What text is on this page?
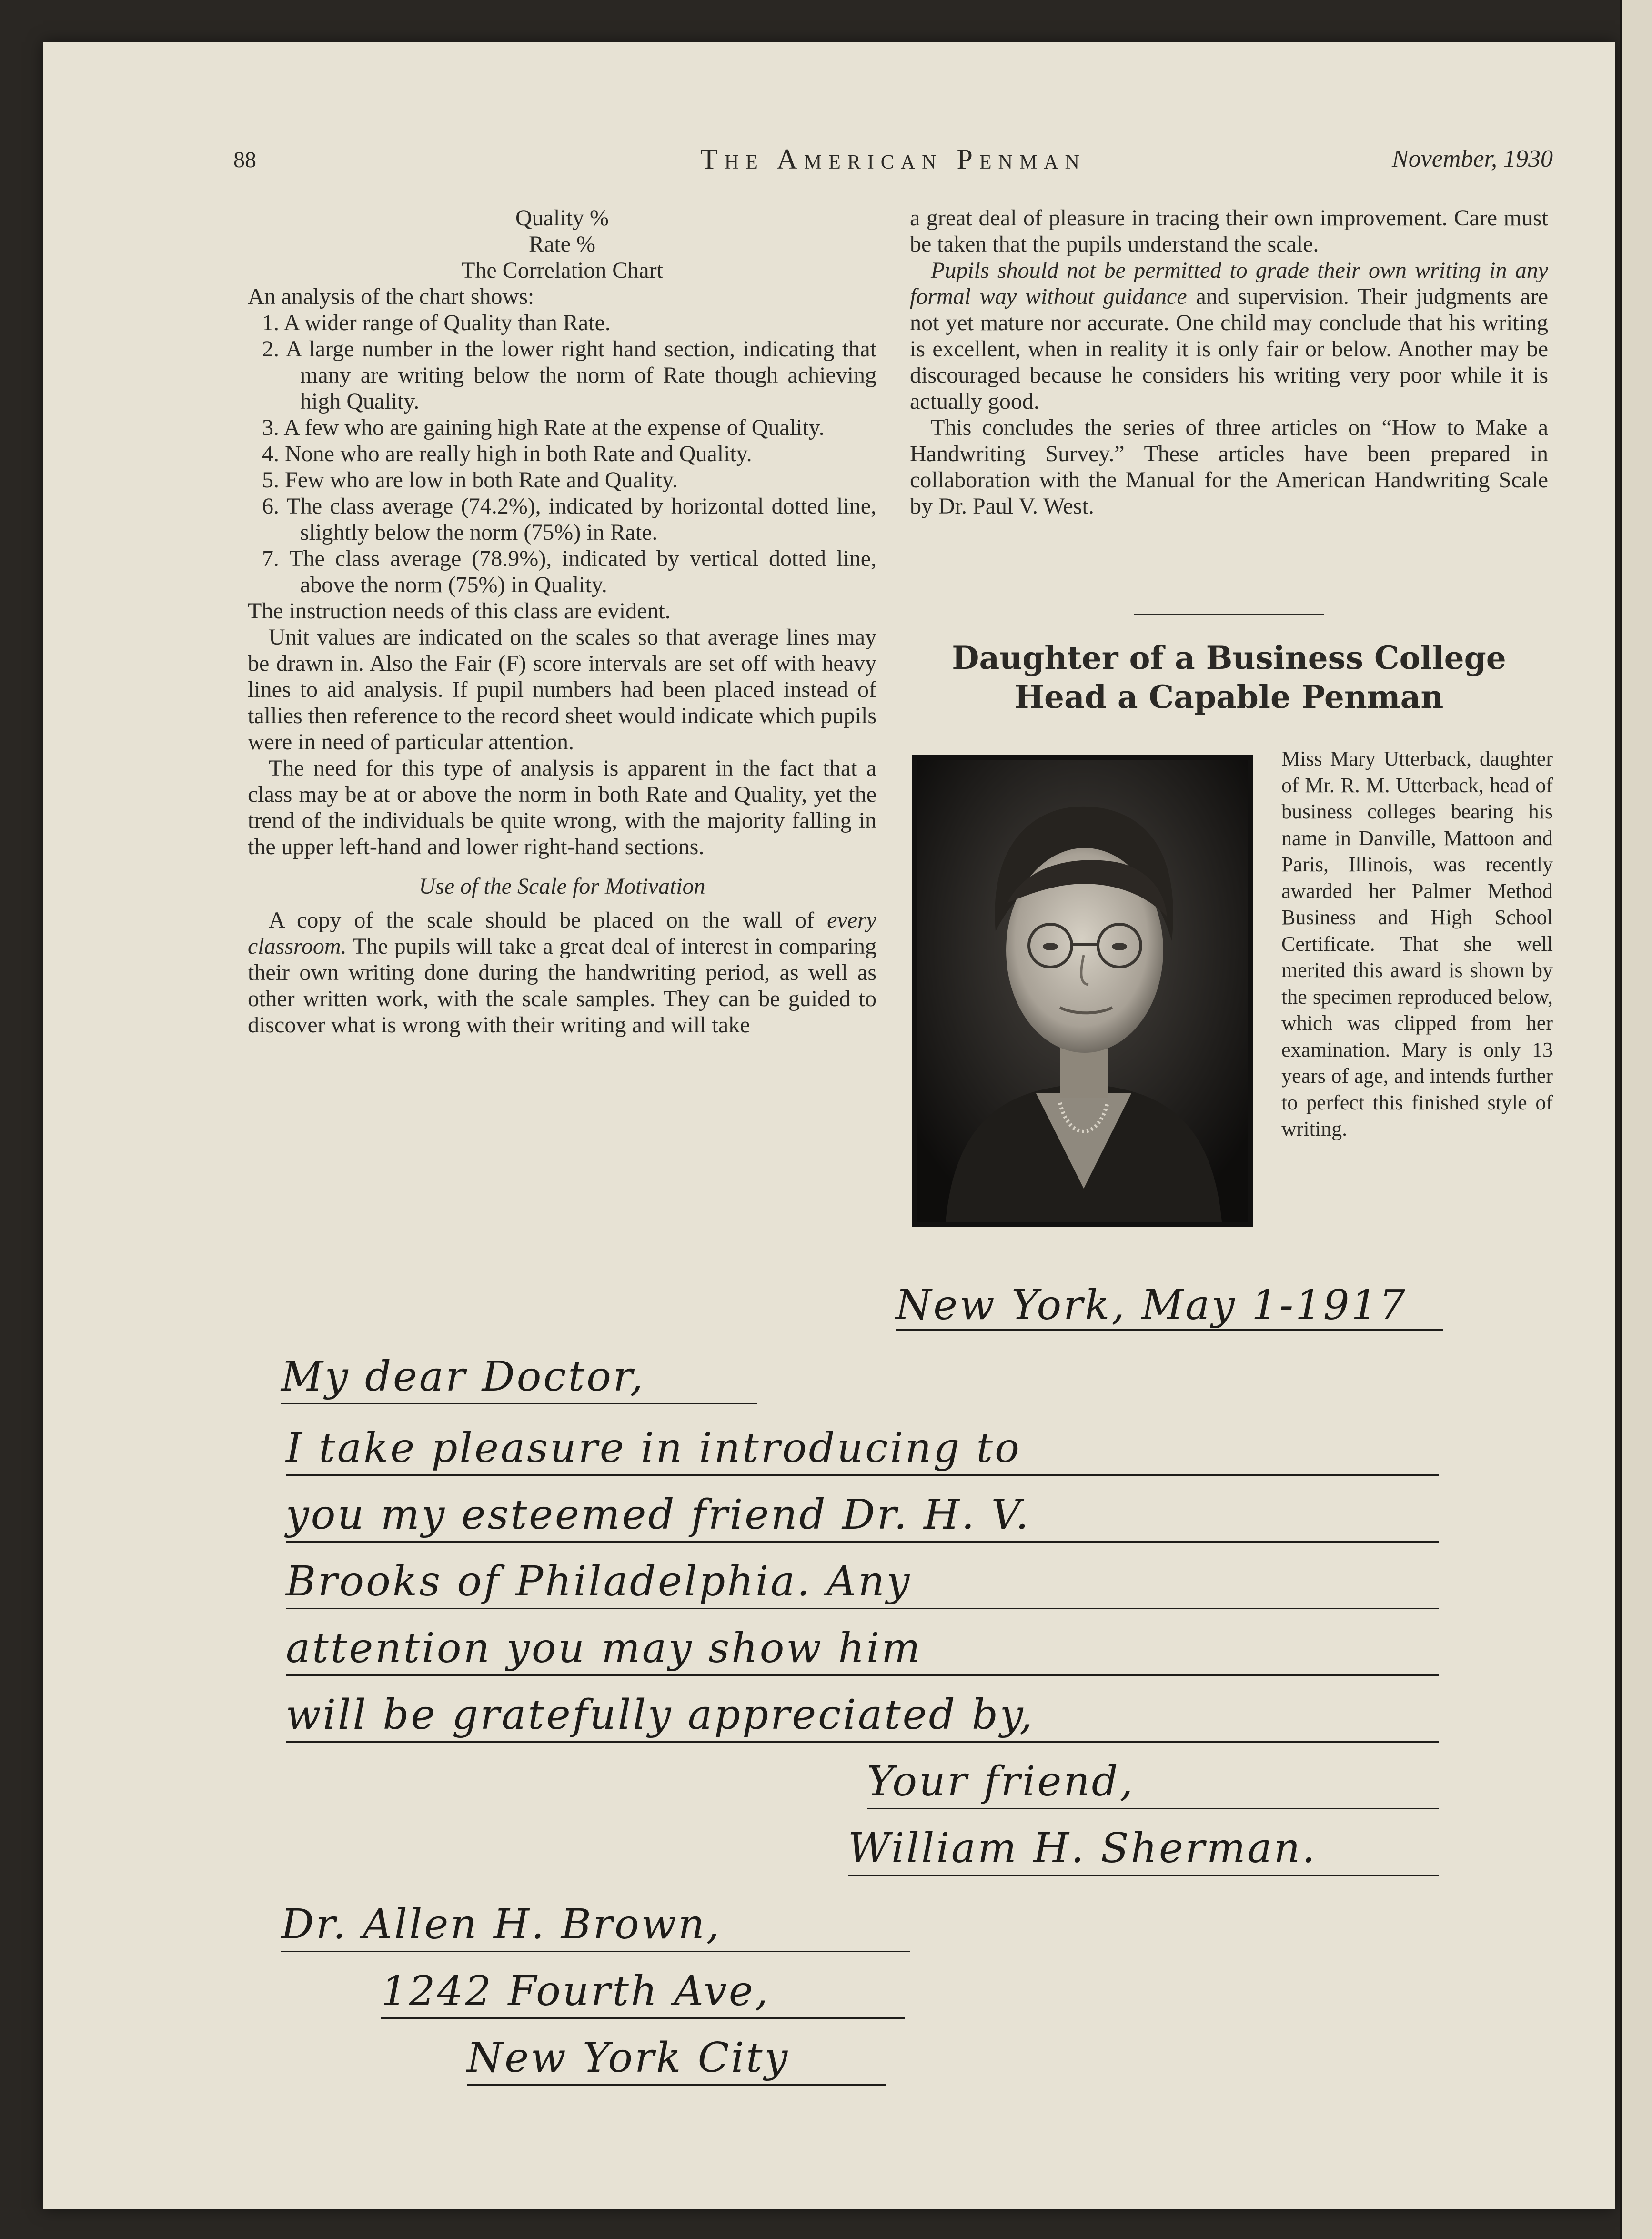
88	The American Penman	November, 1930
Quality %
Rate %
The Correlation Chart

An analysis of the chart shows:

1. A wider range of Quality than Rate.

2. A large number in the lower right hand section, indicating that many are writing below the norm of Rate though achieving high Quality.

3. A few who are gaining high Rate at the expense of Quality.

4. None who are really high in both Rate and Quality.

5. Few who are low in both Rate and Quality.

6. The class average (74.2%), indicated by horizontal dotted line, slightly below the norm (75%) in Rate.

7. The class average (78.9%), indicated by vertical dotted line, above the norm (75%) in Quality.

The instruction needs of this class are evident.

Unit values are indicated on the scales so that average lines may be drawn in. Also the Fair (F) score intervals are set off with heavy lines to aid analysis. If pupil numbers had been placed instead of tallies then reference to the record sheet would indicate which pupils were in need of particular attention.

The need for this type of analysis is apparent in the fact that a class may be at or above the norm in both Rate and Quality, yet the trend of the individuals be quite wrong, with the majority falling in the upper left-hand and lower right-hand sections.

Use of the Scale for Motivation

A copy of the scale should be placed on the wall of every classroom. The pupils will take a great deal of interest in comparing their own writing done during the handwriting period, as well as other written work, with the scale samples. They can be guided to discover what is wrong with their writing and will take

a great deal of pleasure in tracing their own improvement. Care must be taken that the pupils understand the scale.

Pupils should not be permitted to grade their own writing in any formal way without guidance and supervision. Their judgments are not yet mature nor accurate. One child may conclude that his writing is excellent, when in reality it is only fair or below. Another may be discouraged because he considers his writing very poor while it is actually good.

This concludes the series of three articles on “How to Make a Handwriting Survey.” These articles have been prepared in collaboration with the Manual for the American Handwriting Scale by Dr. Paul V. West.

Daughter of a Business College
Head a Capable Penman
Miss Mary Utterback, daughter of Mr. R. M. Utterback, head of business colleges bearing his name in Danville, Mattoon and Paris, Illinois, was recently awarded her Palmer Method Business and High School Certificate. That she well merited this award is shown by the specimen reproduced below, which was clipped from her examination. Mary is only 13 years of age, and intends further to perfect this finished style of writing.
New York, May 1-1917
My dear Doctor,
I take pleasure in introducing to
you my esteemed friend Dr. H. V.
Brooks of Philadelphia. Any
attention you may show him
will be gratefully appreciated by,
Your friend,
William H. Sherman.
Dr. Allen H. Brown,
1242 Fourth Ave,
New York City
